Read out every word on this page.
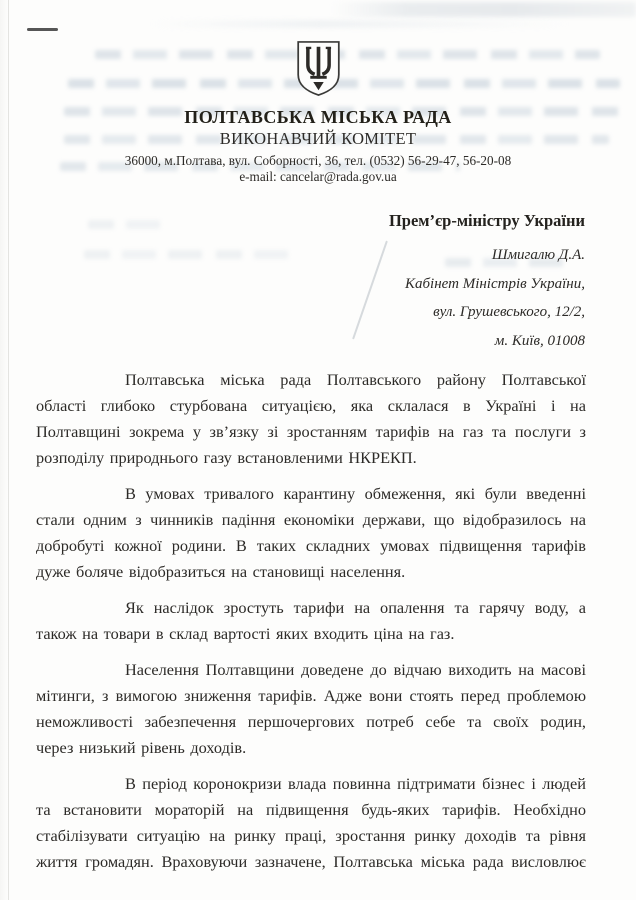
ПОЛТАВСЬКА МІСЬКА РАДА
ВИКОНАВЧИЙ КОМІТЕТ
36000, м.Полтава, вул. Соборності, 36, тел. (0532) 56-29-47, 56-20-08
e-mail: cancelar@rada.gov.ua
Прем’єр-міністру України
Шмигалю Д.А.
Кабінет Міністрів України,
вул. Грушевського, 12/2,
м. Київ, 01008

Полтавська міська рада Полтавського району Полтавської області глибоко стурбована ситуацією, яка склалася в Україні і на Полтавщині зокрема у зв’язку зі зростанням тарифів на газ та послуги з розподілу природнього газу встановленими НКРЕКП.

В умовах тривалого карантину обмеження, які були введенні стали одним з чинників падіння економіки держави, що відобразилось на добробуті кожної родини. В таких складних умовах підвищення тарифів дуже боляче відобразиться на становищі населення.

Як наслідок зростуть тарифи на опалення та гарячу воду, а також на товари в склад вартості яких входить ціна на газ.

Населення Полтавщини доведене до відчаю виходить на масові мітинги, з вимогою зниження тарифів. Адже вони стоять перед проблемою неможливості забезпечення першочергових потреб себе та своїх родин, через низький рівень доходів.

В період коронокризи влада повинна підтримати бізнес і людей та встановити мораторій на підвищення будь-яких тарифів. Необхідно стабілізувати ситуацію на ринку праці, зростання ринку доходів та рівня життя громадян. Враховуючи зазначене, Полтавська міська рада висловлює
